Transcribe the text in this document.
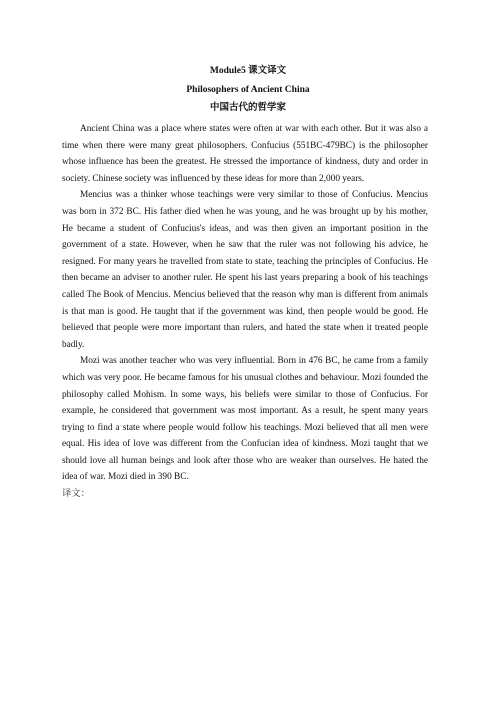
Module5 课文译文
Philosophers of Ancient China
中国古代的哲学家

Ancient China was a place where states were often at war with each other. But it was also a time when there were many great philosophers. Confucius (551BC-479BC) is the philosopher whose influence has been the greatest. He stressed the importance of kindness, duty and order in society. Chinese society was influenced by these ideas for more than 2,000 years.

Mencius was a thinker whose teachings were very similar to those of Confucius. Mencius was born in 372 BC. His father died when he was young, and he was brought up by his mother, He became a student of Confucius's ideas, and was then given an important position in the government of a state. However, when he saw that the ruler was not following his advice, he resigned. For many years he travelled from state to state, teaching the principles of Confucius. He then became an adviser to another ruler. He spent his last years preparing a book of his teachings called The Book of Mencius. Mencius believed that the reason why man is different from animals is that man is good. He taught that if the government was kind, then people would be good. He believed that people were more important than rulers, and hated the state when it treated people badly.

Mozi was another teacher who was very influential. Born in 476 BC, he came from a family which was very poor. He became famous for his unusual clothes and behaviour. Mozi founded the philosophy called Mohism. In some ways, his beliefs were similar to those of Confucius. For example, he considered that government was most important. As a result, he spent many years trying to find a state where people would follow his teachings. Mozi believed that all men were equal. His idea of love was different from the Confucian idea of kindness. Mozi taught that we should love all human beings and look after those who are weaker than ourselves. He hated the idea of war. Mozi died in 390 BC.

译文：
